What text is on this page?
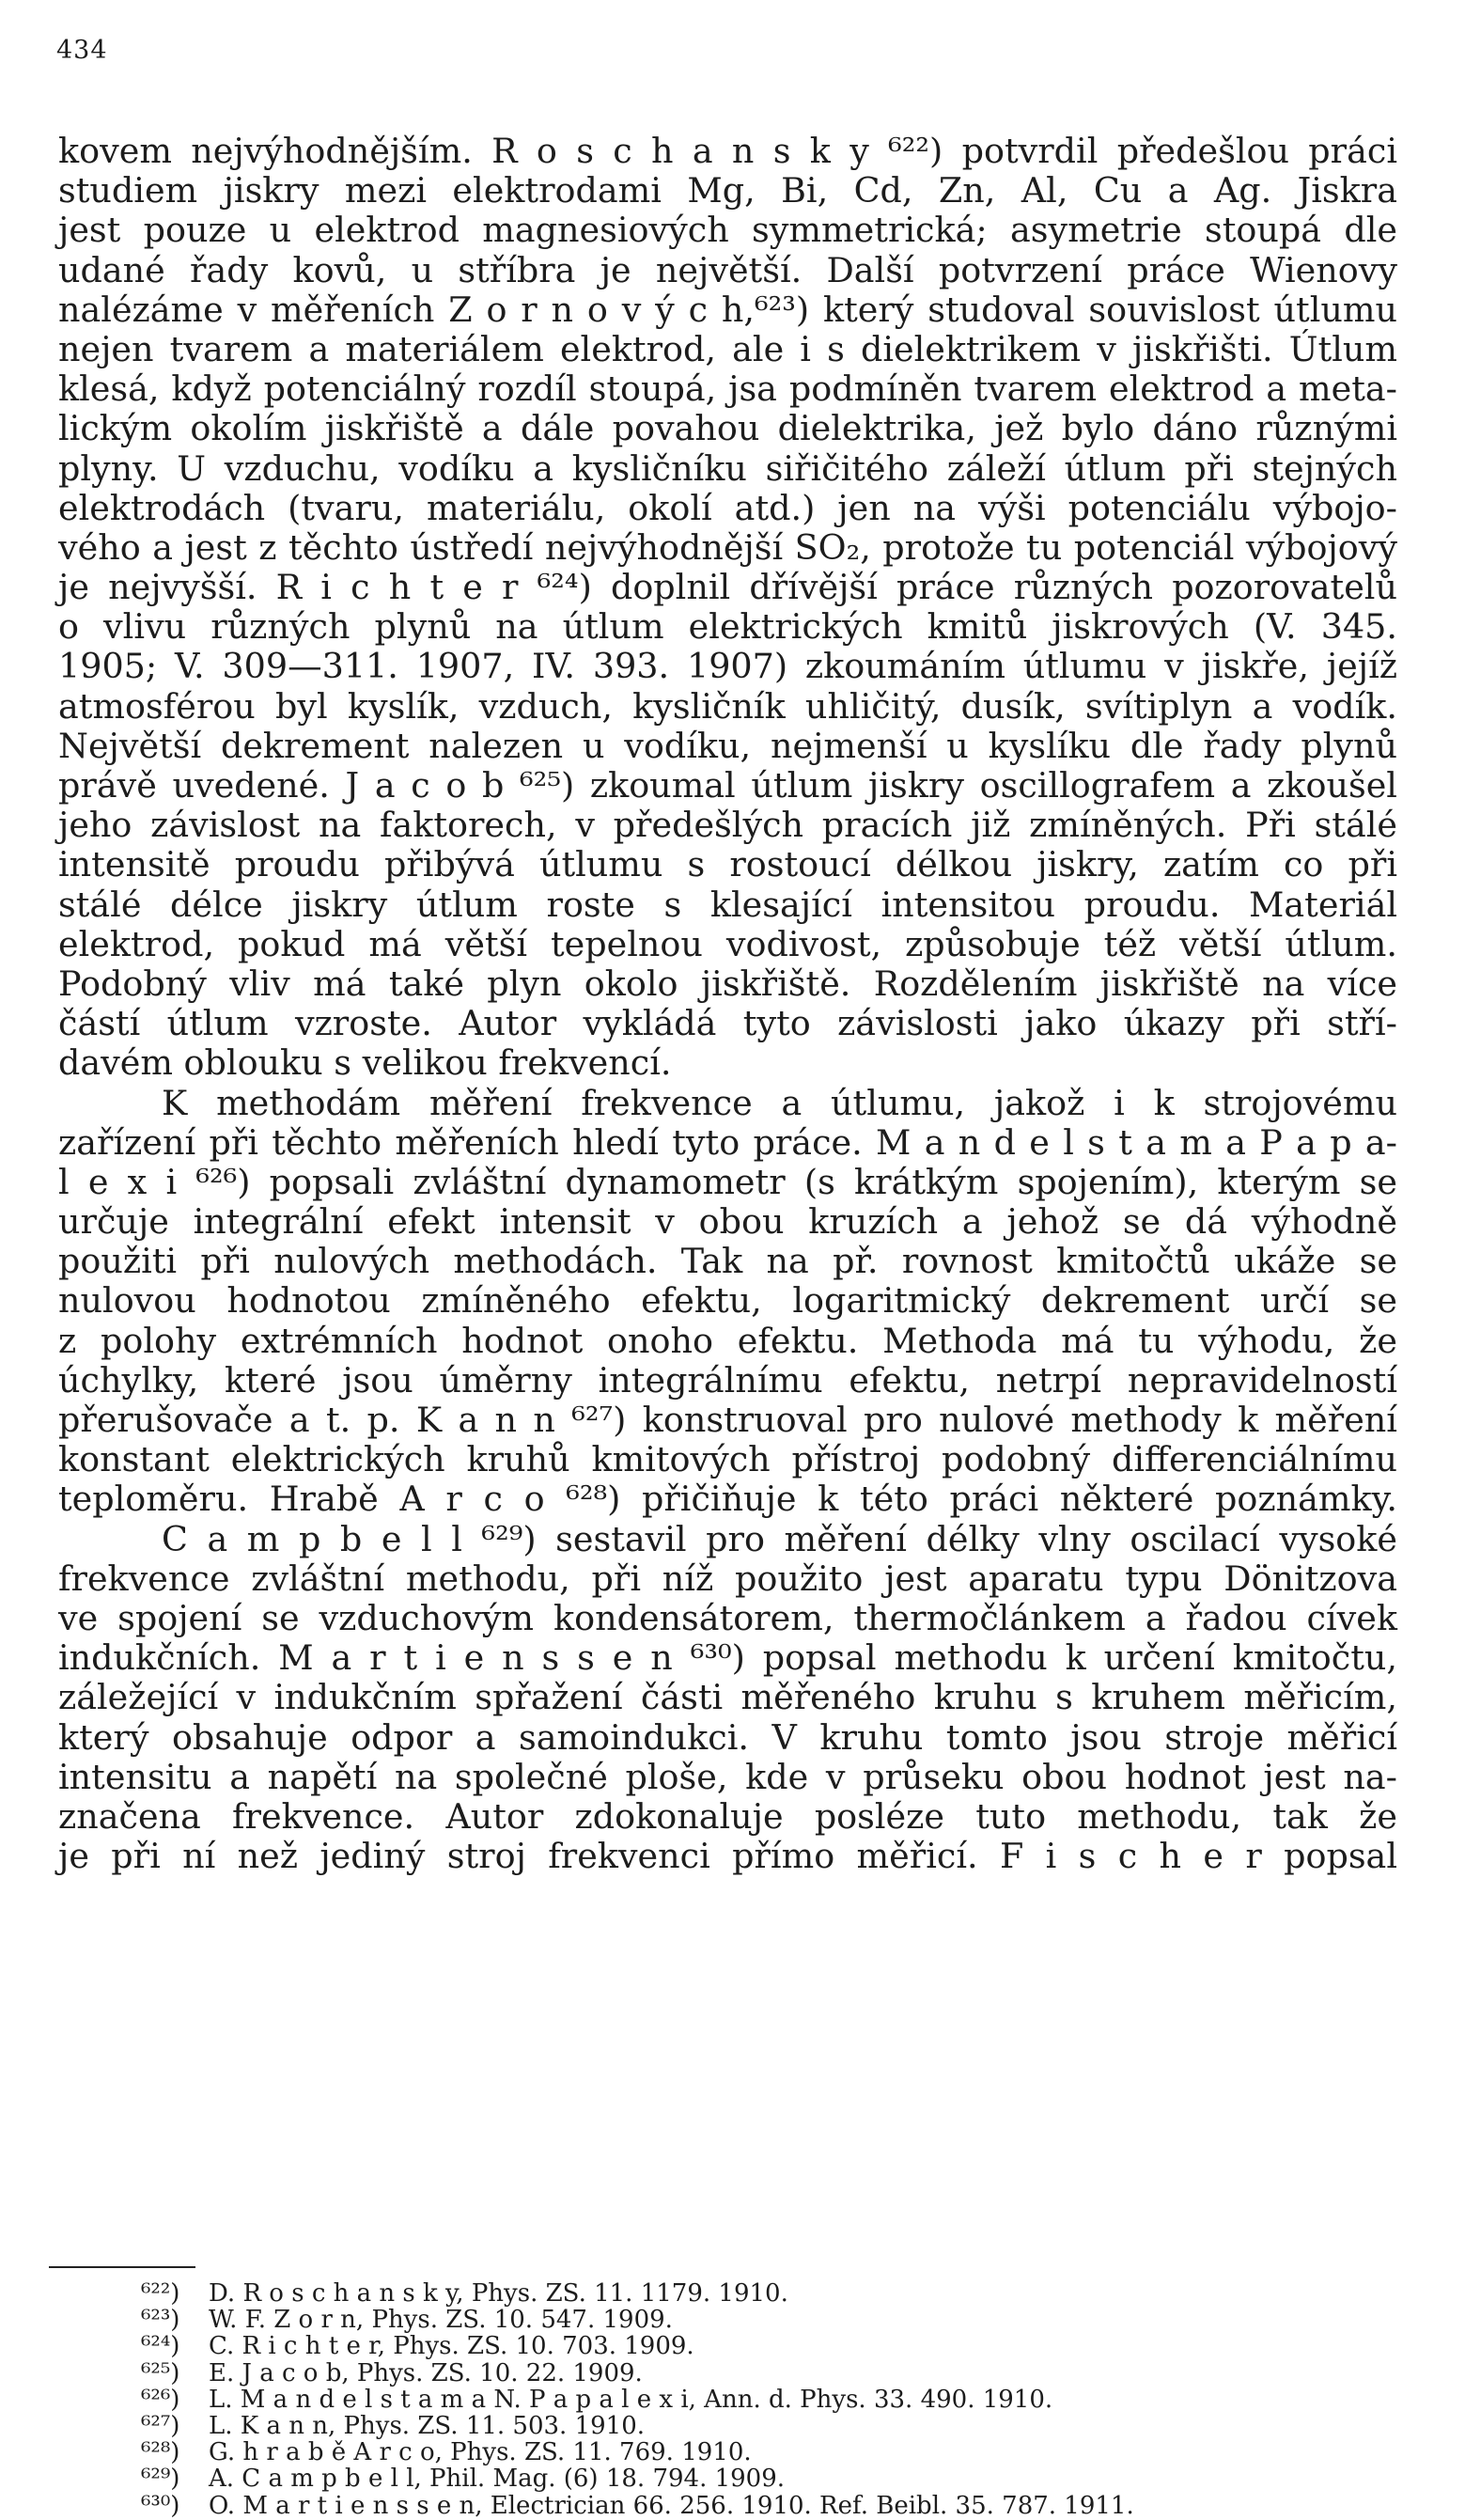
434
kovem nejvýhodnějším. R o s c h a n s k y ⁶²²) potvrdil předešlou práci
studiem jiskry mezi elektrodami Mg, Bi, Cd, Zn, Al, Cu a Ag. Jiskra
jest pouze u elektrod magnesiových symmetrická; asymetrie stoupá dle
udané řady kovů, u stříbra je největší. Další potvrzení práce Wienovy
nalézáme v měřeních Z o r n o v ý c h,⁶²³) který studoval souvislost útlumu
nejen tvarem a materiálem elektrod, ale i s dielektrikem v jiskřišti. Útlum
klesá, když potenciálný rozdíl stoupá, jsa podmíněn tvarem elektrod a meta-
lickým okolím jiskřiště a dále povahou dielektrika, jež bylo dáno různými
plyny. U vzduchu, vodíku a kysličníku siřičitého záleží útlum při stejných
elektrodách (tvaru, materiálu, okolí atd.) jen na výši potenciálu výbojo-
vého a jest z těchto ústředí nejvýhodnější SO₂, protože tu potenciál výbojový
je nejvyšší. R i c h t e r ⁶²⁴) doplnil dřívější práce různých pozorovatelů
o vlivu různých plynů na útlum elektrických kmitů jiskrových (V. 345.
1905; V. 309—311. 1907, IV. 393. 1907) zkoumáním útlumu v jiskře, jejíž
atmosférou byl kyslík, vzduch, kysličník uhličitý, dusík, svítiplyn a vodík.
Největší dekrement nalezen u vodíku, nejmenší u kyslíku dle řady plynů
právě uvedené. J a c o b ⁶²⁵) zkoumal útlum jiskry oscillografem a zkoušel
jeho závislost na faktorech, v předešlých pracích již zmíněných. Při stálé
intensitě proudu přibývá útlumu s rostoucí délkou jiskry, zatím co při
stálé délce jiskry útlum roste s klesající intensitou proudu. Materiál
elektrod, pokud má větší tepelnou vodivost, způsobuje též větší útlum.
Podobný vliv má také plyn okolo jiskřiště. Rozdělením jiskřiště na více
částí útlum vzroste. Autor vykládá tyto závislosti jako úkazy při stří-
davém oblouku s velikou frekvencí.
K methodám měření frekvence a útlumu, jakož i k strojovému
zařízení při těchto měřeních hledí tyto práce. M a n d e l s t a m a P a p a-
l e x i ⁶²⁶) popsali zvláštní dynamometr (s krátkým spojením), kterým se
určuje integrální efekt intensit v obou kruzích a jehož se dá výhodně
použiti při nulových methodách. Tak na př. rovnost kmitočtů ukáže se
nulovou hodnotou zmíněného efektu, logaritmický dekrement určí se
z polohy extrémních hodnot onoho efektu. Methoda má tu výhodu, že
úchylky, které jsou úměrny integrálnímu efektu, netrpí nepravidelností
přerušovače a t. p. K a n n ⁶²⁷) konstruoval pro nulové methody k měření
konstant elektrických kruhů kmitových přístroj podobný differenciálnímu
teploměru. Hrabě A r c o ⁶²⁸) přičiňuje k této práci některé poznámky.
C a m p b e l l ⁶²⁹) sestavil pro měření délky vlny oscilací vysoké
frekvence zvláštní methodu, při níž použito jest aparatu typu Dönitzova
ve spojení se vzduchovým kondensátorem, thermočlánkem a řadou cívek
indukčních. M a r t i e n s s e n ⁶³⁰) popsal methodu k určení kmitočtu,
záležející v indukčním spřažení části měřeného kruhu s kruhem měřicím,
který obsahuje odpor a samoindukci. V kruhu tomto jsou stroje měřicí
intensitu a napětí na společné ploše, kde v průseku obou hodnot jest na-
značena frekvence. Autor zdokonaluje posléze tuto methodu, tak že
je při ní než jediný stroj frekvenci přímo měřicí. F i s c h e r popsal
⁶²²) D. R o s c h a n s k y, Phys. ZS. 11. 1179. 1910.
⁶²³) W. F. Z o r n, Phys. ZS. 10. 547. 1909.
⁶²⁴) C. R i c h t e r, Phys. ZS. 10. 703. 1909.
⁶²⁵) E. J a c o b, Phys. ZS. 10. 22. 1909.
⁶²⁶) L. M a n d e l s t a m a N. P a p a l e x i, Ann. d. Phys. 33. 490. 1910.
⁶²⁷) L. K a n n, Phys. ZS. 11. 503. 1910.
⁶²⁸) G. h r a b ě A r c o, Phys. ZS. 11. 769. 1910.
⁶²⁹) A. C a m p b e l l, Phil. Mag. (6) 18. 794. 1909.
⁶³⁰) O. M a r t i e n s s e n, Electrician 66. 256. 1910. Ref. Beibl. 35. 787. 1911.
